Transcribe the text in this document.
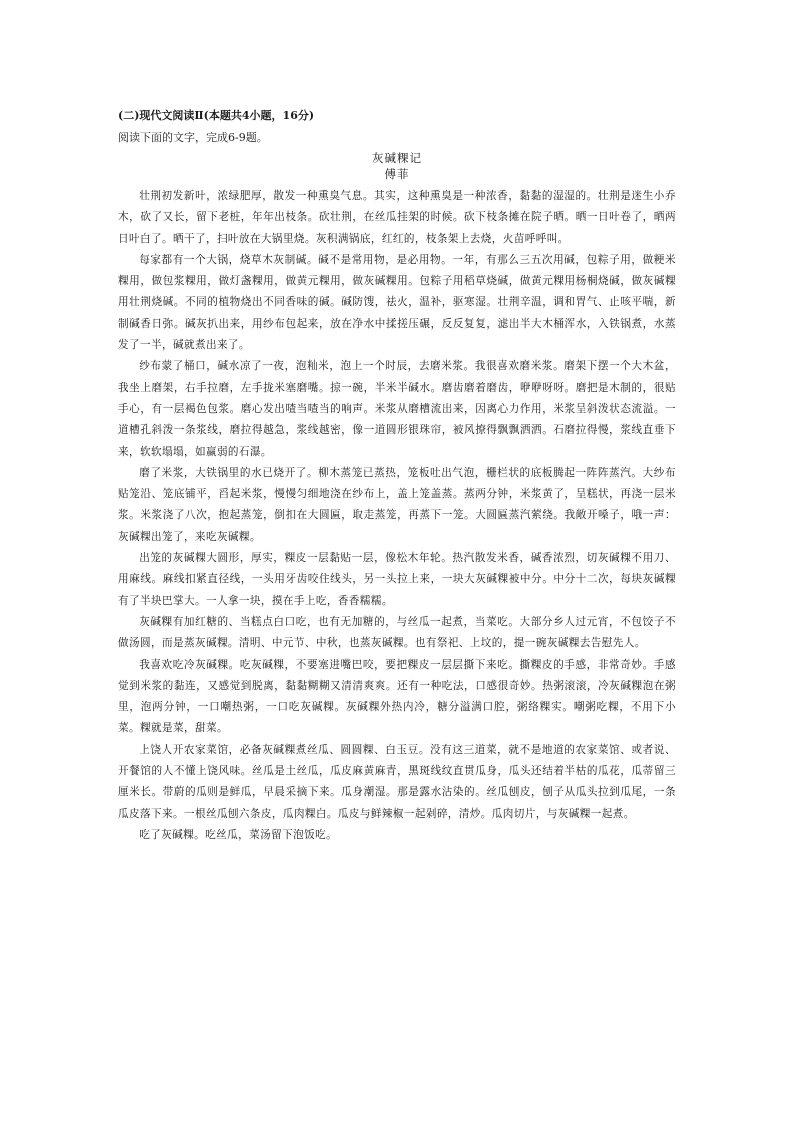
(二)现代文阅读Ⅱ(本题共4小题，16分)

阅读下面的文字，完成6-9题。

灰碱粿记

傅菲

壮荆初发新叶，浓绿肥厚，散发一种熏臭气息。其实，这种熏臭是一种浓香，黏黏的湿湿的。壮荆是迷生小乔木，砍了又长，留下老桩，年年出枝条。砍壮荆，在丝瓜挂架的时候。砍下枝条摊在院子晒。晒一日叶卷了，晒两日叶白了。晒干了，扫叶放在大锅里烧。灰积满锅底，红红的，枝条架上去烧，火苗呼呼叫。

每家都有一个大锅，烧草木灰制碱。碱不是常用物，是必用物。一年，有那么三五次用碱，包粽子用，做粳米粿用，做包浆粿用，做灯盏粿用，做黄元粿用，做灰碱粿用。包粽子用稻草烧碱，做黄元粿用杨桐烧碱，做灰碱粿用壮荆烧碱。不同的植物烧出不同香味的碱。碱防馊，祛火，温补，驱寒湿。壮荆辛温，调和胃气、止咳平喘，新制碱香日弥。碱灰扒出来，用纱布包起来，放在净水中揉搓压碾，反反复复，滤出半大木桶浑水，入铁锅煮，水蒸发了一半，碱就煮出来了。

纱布蒙了桶口，碱水凉了一夜，泡籼米，泡上一个时辰，去磨米浆。我很喜欢磨米浆。磨架下摆一个大木盆，我坐上磨架，右手拉磨，左手拢米塞磨嘴。掠一碗，半米半碱水。磨齿磨着磨齿，咿咿呀呀。磨把是木制的，很贴手心，有一层褐色包浆。磨心发出喳当喳当的响声。米浆从磨槽流出来，因离心力作用，米浆呈斜泼状态流溢。一道槽孔斜泼一条浆线，磨拉得越急，浆线越密，像一道圆形银珠帘，被风撩得飘飘洒洒。石磨拉得慢，浆线直垂下来，软软塌塌，如赢弱的石瀑。

磨了米浆，大铁锅里的水已烧开了。柳木蒸笼已蒸热，笼板吐出气泡，栅栏状的底板腾起一阵阵蒸汽。大纱布贴笼沿、笼底铺平，舀起米浆，慢慢匀细地浇在纱布上，盖上笼盖蒸。蒸两分钟，米浆黄了，呈糕状，再浇一层米浆。米浆浇了八次，抱起蒸笼，倒扣在大圆匾，取走蒸笼，再蒸下一笼。大圆匾蒸汽萦绕。我敞开嗓子，哦一声：灰碱粿出笼了，来吃灰碱粿。

出笼的灰碱粿大圆形，厚实，粿皮一层黏贴一层，像松木年轮。热汽散发米香，碱香浓烈，切灰碱粿不用刀、用麻线。麻线扣紧直径线，一头用牙齿咬住线头，另一头拉上来，一块大灰碱粿被中分。中分十二次，每块灰碱粿有了半块巴掌大。一人拿一块，摸在手上吃，香香糯糯。

灰碱粿有加红糖的、当糕点白口吃，也有无加糖的，与丝瓜一起煮，当菜吃。大部分乡人过元宵，不包饺子不做汤圆，而是蒸灰碱粿。清明、中元节、中秋，也蒸灰碱粿。也有祭祀、上坟的，提一碗灰碱粿去告慰先人。

我喜欢吃冷灰碱粿。吃灰碱粿，不要塞进嘴巴咬，要把粿皮一层层撕下来吃。撕粿皮的手感，非常奇妙。手感觉到米浆的黏连，又感觉到脱离，黏黏糊糊又清清爽爽。还有一种吃法，口感很奇妙。热粥滚滚，冷灰碱粿泡在粥里，泡两分钟，一口嘲热粥，一口吃灰碱粿。灰碱粿外热内冷，糖分溢满口腔，粥络粿实。嘲粥吃粿，不用下小菜。粿就是菜，甜菜。

上饶人开农家菜馆，必备灰碱粿煮丝瓜、圆圆粿、白玉豆。没有这三道菜，就不是地道的农家菜馆、或者说、开餐馆的人不懂上饶风味。丝瓜是土丝瓜，瓜皮麻黄麻青，黑斑线纹直贯瓜身，瓜头还结着半枯的瓜花，瓜蒂留三厘米长。带蔚的瓜则是鲜瓜，早晨采摘下来。瓜身潮湿。那是露水沾染的。丝瓜刨皮，刨子从瓜头拉到瓜尾，一条瓜皮落下来。一根丝瓜刨六条皮，瓜肉粿白。瓜皮与鲜辣椒一起剁碎，清炒。瓜肉切片，与灰碱粿一起煮。

吃了灰碱粿。吃丝瓜，菜汤留下泡饭吃。
